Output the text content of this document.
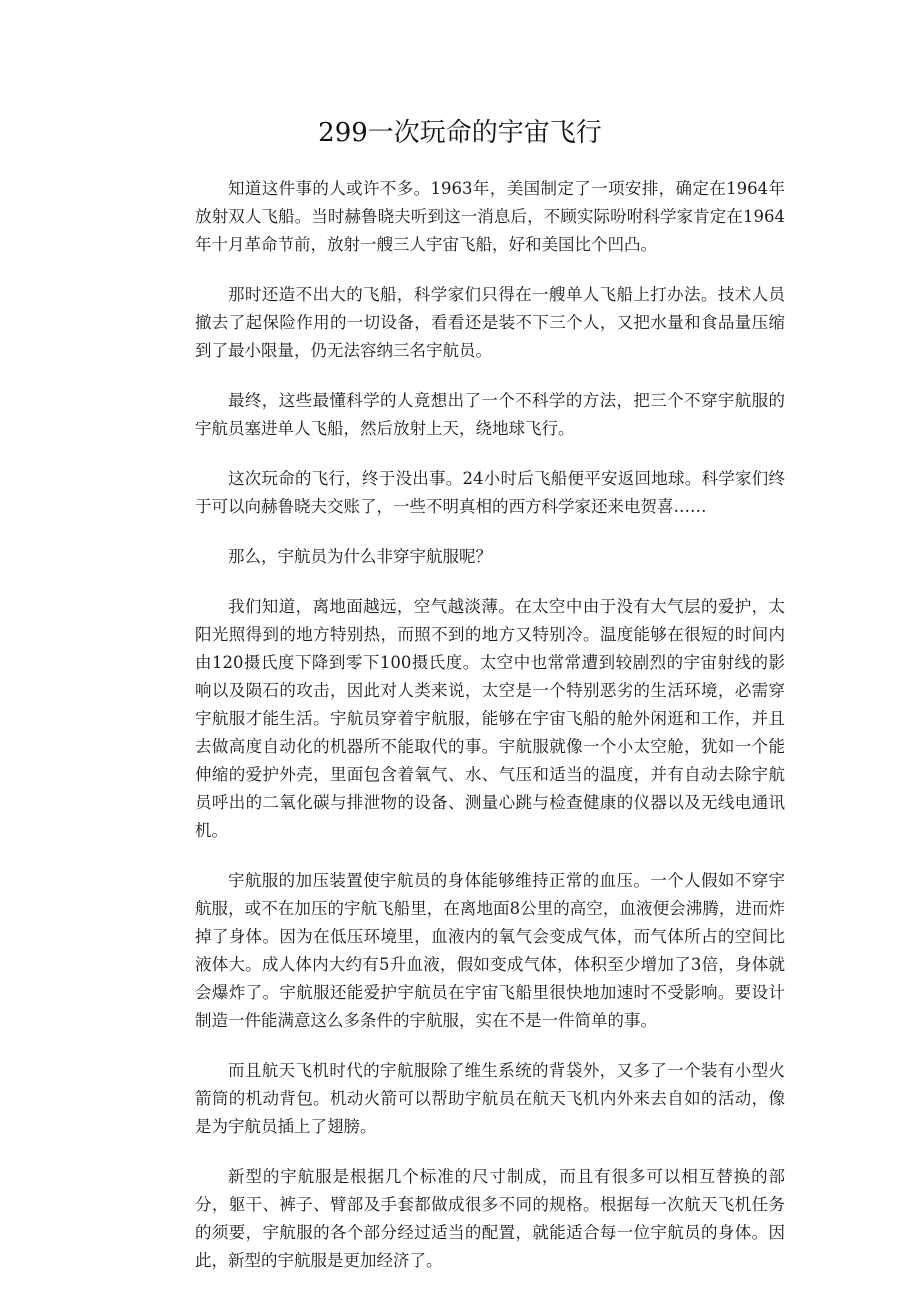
299一次玩命的宇宙飞行

知道这件事的人或许不多。1963年，美国制定了一项安排，确定在1964年放射双人飞船。当时赫鲁晓夫听到这一消息后，不顾实际吩咐科学家肯定在1964年十月革命节前，放射一艘三人宇宙飞船，好和美国比个凹凸。

那时还造不出大的飞船，科学家们只得在一艘单人飞船上打办法。技术人员撤去了起保险作用的一切设备，看看还是装不下三个人，又把水量和食品量压缩到了最小限量，仍无法容纳三名宇航员。

最终，这些最懂科学的人竟想出了一个不科学的方法，把三个不穿宇航服的宇航员塞进单人飞船，然后放射上天，绕地球飞行。

这次玩命的飞行，终于没出事。24小时后飞船便平安返回地球。科学家们终于可以向赫鲁晓夫交账了，一些不明真相的西方科学家还来电贺喜……

那么，宇航员为什么非穿宇航服呢？

我们知道，离地面越远，空气越淡薄。在太空中由于没有大气层的爱护，太阳光照得到的地方特别热，而照不到的地方又特别冷。温度能够在很短的时间内由120摄氏度下降到零下100摄氏度。太空中也常常遭到较剧烈的宇宙射线的影响以及陨石的攻击，因此对人类来说，太空是一个特别恶劣的生活环境，必需穿宇航服才能生活。宇航员穿着宇航服，能够在宇宙飞船的舱外闲逛和工作，并且去做高度自动化的机器所不能取代的事。宇航服就像一个小太空舱，犹如一个能伸缩的爱护外壳，里面包含着氧气、水、气压和适当的温度，并有自动去除宇航员呼出的二氧化碳与排泄物的设备、测量心跳与检查健康的仪器以及无线电通讯机。

宇航服的加压装置使宇航员的身体能够维持正常的血压。一个人假如不穿宇航服，或不在加压的宇航飞船里，在离地面8公里的高空，血液便会沸腾，进而炸掉了身体。因为在低压环境里，血液内的氧气会变成气体，而气体所占的空间比液体大。成人体内大约有5升血液，假如变成气体，体积至少增加了3倍，身体就会爆炸了。宇航服还能爱护宇航员在宇宙飞船里很快地加速时不受影响。要设计制造一件能满意这么多条件的宇航服，实在不是一件简单的事。

而且航天飞机时代的宇航服除了维生系统的背袋外，又多了一个装有小型火箭筒的机动背包。机动火箭可以帮助宇航员在航天飞机内外来去自如的活动，像是为宇航员插上了翅膀。

新型的宇航服是根据几个标准的尺寸制成，而且有很多可以相互替换的部分，躯干、裤子、臂部及手套都做成很多不同的规格。根据每一次航天飞机任务的须要，宇航服的各个部分经过适当的配置，就能适合每一位宇航员的身体。因此，新型的宇航服是更加经济了。
